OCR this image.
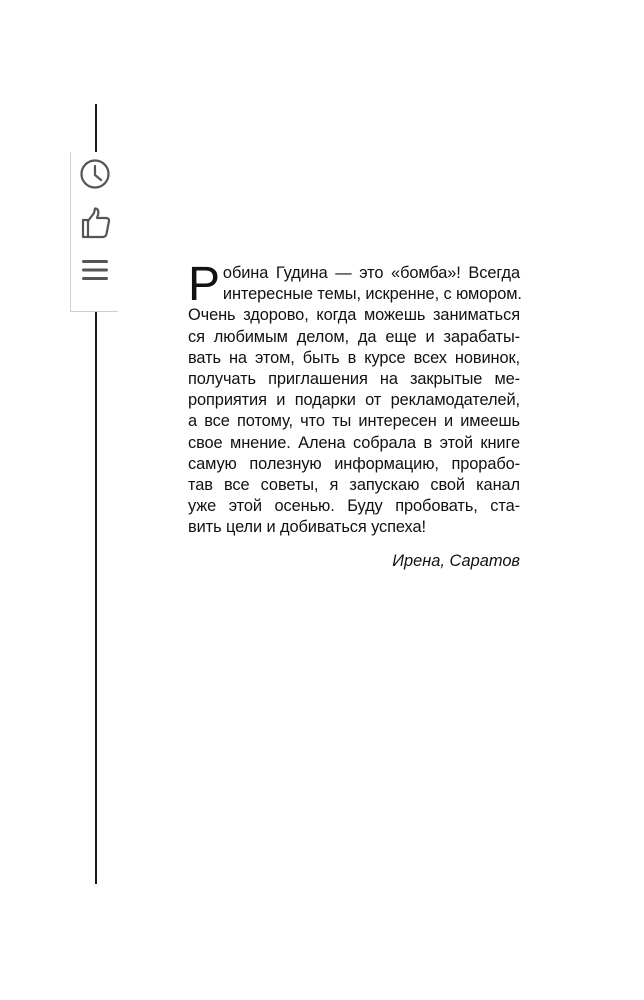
Р обина Гудина — это «бомба»! Всегда
интересные темы, искренне, с юмором.
Очень здорово, когда можешь заниматься
ся любимым делом, да еще и зарабаты-
вать на этом, быть в курсе всех новинок,
получать приглашения на закрытые ме-
роприятия и подарки от рекламодателей,
а все потому, что ты интересен и имеешь
свое мнение. Алена собрала в этой книге
самую полезную информацию, прорабо-
тав все советы, я запускаю свой канал
уже этой осенью. Буду пробовать, ста-
вить цели и добиваться успеха!

Ирена, Саратов
